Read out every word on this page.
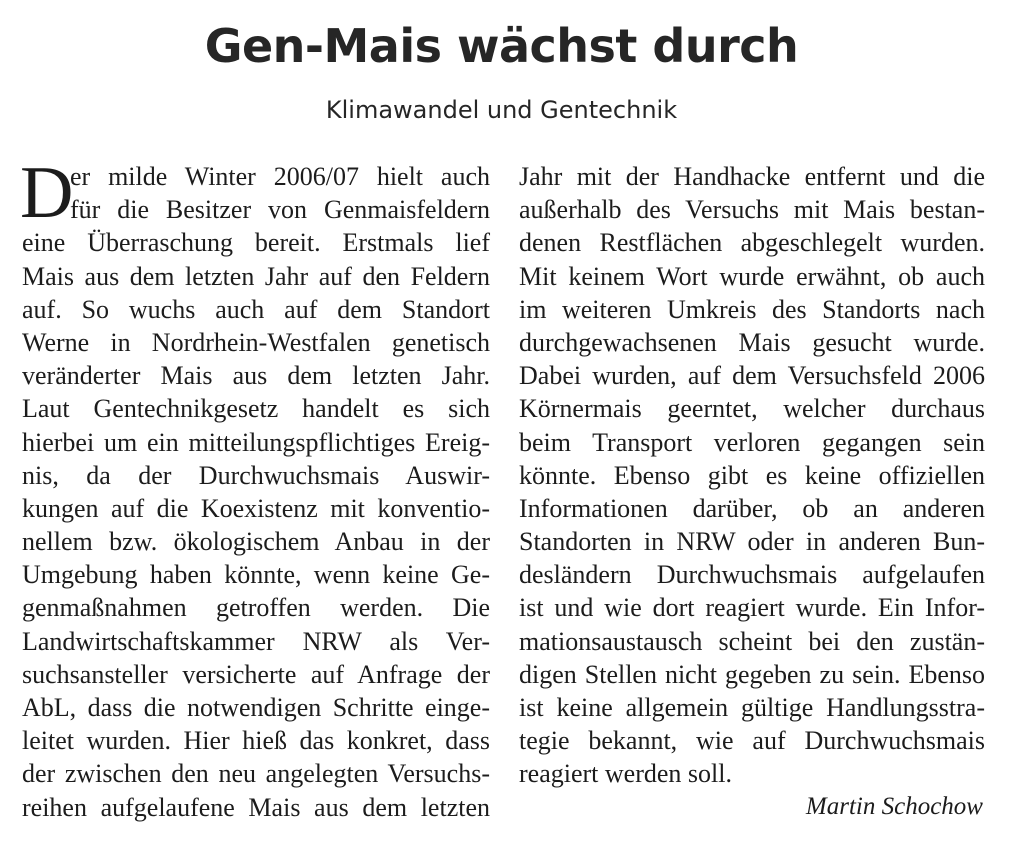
Gen-Mais wächst durch
Klimawandel und Gentechnik
D
er milde Winter 2006/07 hielt auch
für die Besitzer von Genmaisfeldern
eine Überraschung bereit. Erstmals lief
Mais aus dem letzten Jahr auf den Feldern
auf. So wuchs auch auf dem Standort
Werne in Nordrhein-Westfalen genetisch
veränderter Mais aus dem letzten Jahr.
Laut Gentechnikgesetz handelt es sich
hierbei um ein mitteilungspflichtiges Ereig-
nis, da der Durchwuchsmais Auswir-
kungen auf die Koexistenz mit konventio-
nellem bzw. ökologischem Anbau in der
Umgebung haben könnte, wenn keine Ge-
genmaßnahmen getroffen werden. Die
Landwirtschaftskammer NRW als Ver-
suchsansteller versicherte auf Anfrage der
AbL, dass die notwendigen Schritte einge-
leitet wurden. Hier hieß das konkret, dass
der zwischen den neu angelegten Versuchs-
reihen aufgelaufene Mais aus dem letzten
Jahr mit der Handhacke entfernt und die
außerhalb des Versuchs mit Mais bestan-
denen Restflächen abgeschlegelt wurden.
Mit keinem Wort wurde erwähnt, ob auch
im weiteren Umkreis des Standorts nach
durchgewachsenen Mais gesucht wurde.
Dabei wurden, auf dem Versuchsfeld 2006
Körnermais geerntet, welcher durchaus
beim Transport verloren gegangen sein
könnte. Ebenso gibt es keine offiziellen
Informationen darüber, ob an anderen
Standorten in NRW oder in anderen Bun-
desländern Durchwuchsmais aufgelaufen
ist und wie dort reagiert wurde. Ein Infor-
mationsaustausch scheint bei den zustän-
digen Stellen nicht gegeben zu sein. Ebenso
ist keine allgemein gültige Handlungsstra-
tegie bekannt, wie auf Durchwuchsmais
reagiert werden soll.
Martin Schochow
